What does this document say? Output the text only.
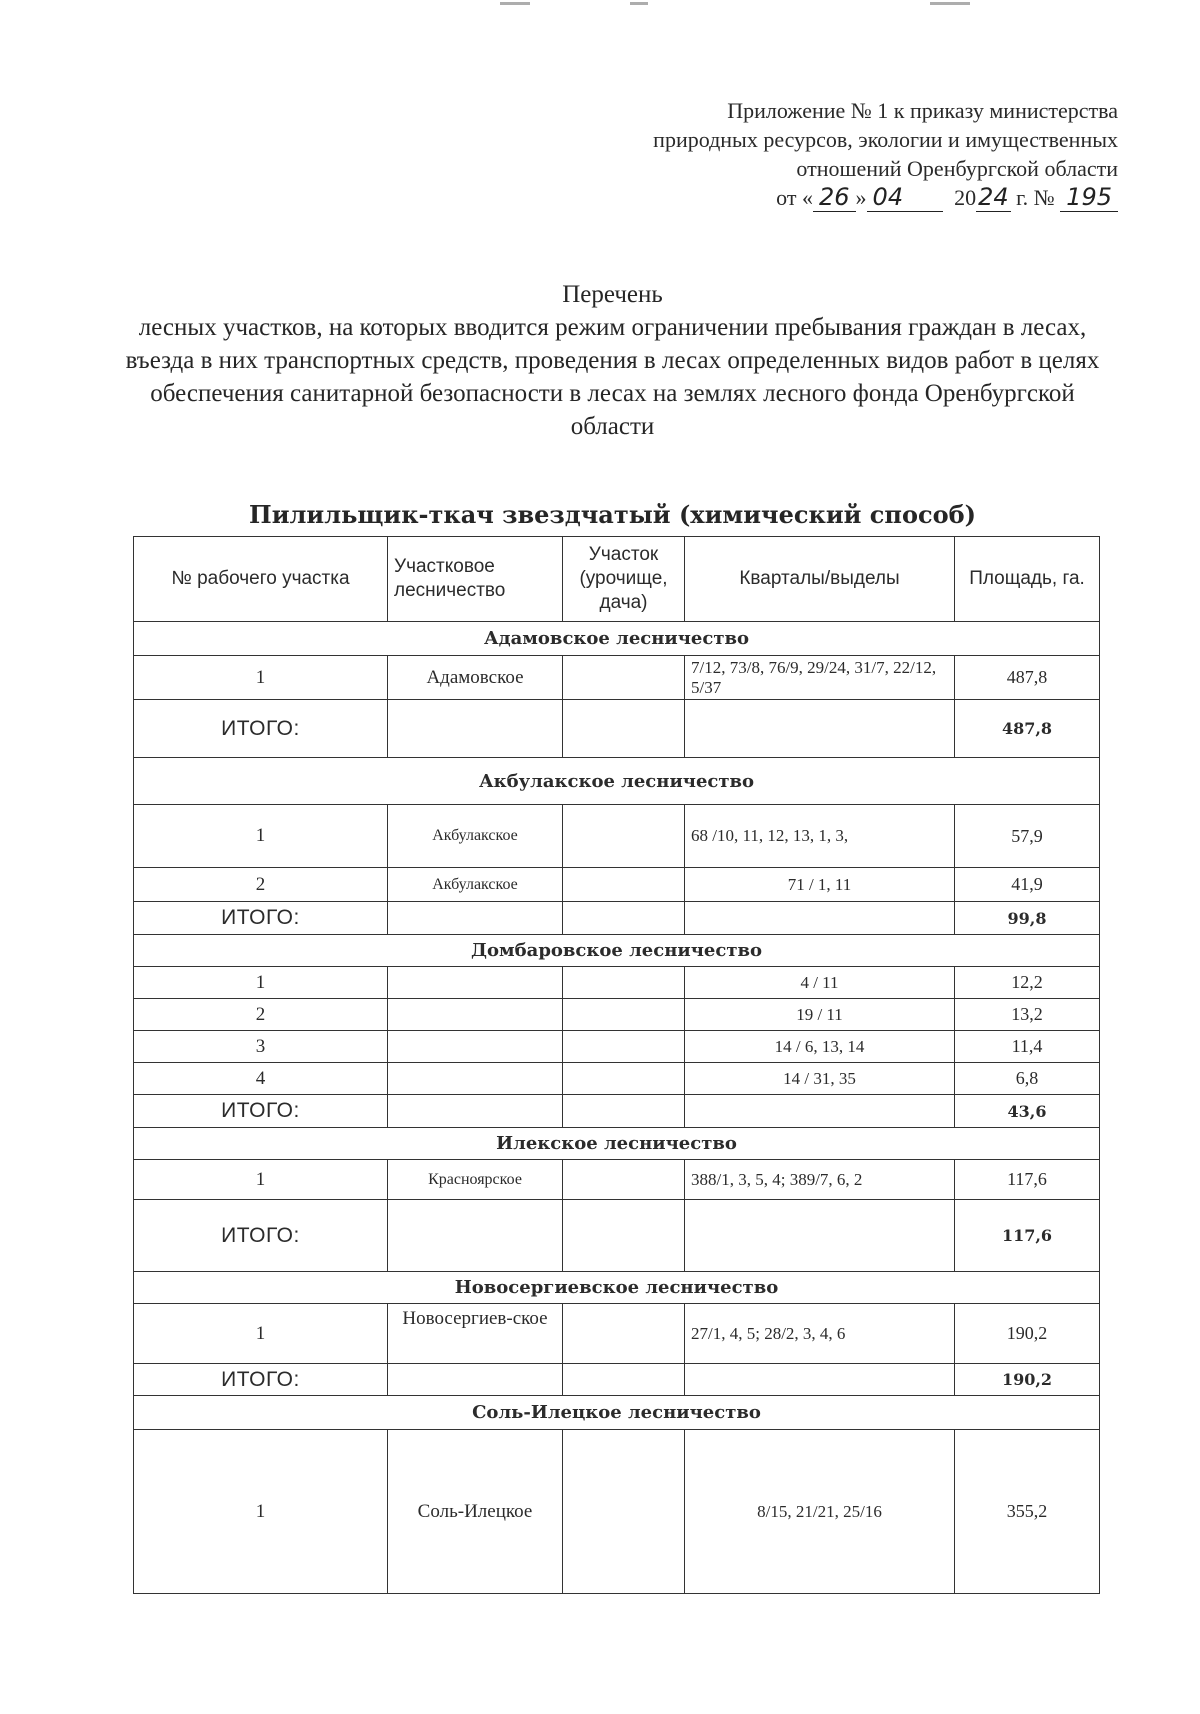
Приложение № 1 к приказу министерства
природных ресурсов, экологии и имущественных
отношений Оренбургской области
от « 26 » 04 2024 г. № 195
Перечень
лесных участков, на которых вводится режим ограничении пребывания граждан в лесах, въезда в них транспортных средств, проведения в лесах определенных видов работ в целях обеспечения санитарной безопасности в лесах на землях лесного фонда Оренбургской области
Пилильщик-ткач звездчатый (химический способ)
№ рабочего участка	Участковое лесничество	Участок (урочище, дача)	Кварталы/выделы	Площадь, га.
Адамовское лесничество				
1	Адамовское		7/12, 73/8, 76/9, 29/24, 31/7, 22/12, 5/37	487,8
ИТОГО:				487,8
Акбулакское лесничество				
1	Акбулакское		68 /10, 11, 12, 13, 1, 3,	57,9
2	Акбулакское		71 / 1, 11	41,9
ИТОГО:				99,8
Домбаровское лесничество				
1			4 / 11	12,2
2			19 / 11	13,2
3			14 / 6, 13, 14	11,4
4			14 / 31, 35	6,8
ИТОГО:				43,6
Илекское лесничество				
1	Красноярское		388/1, 3, 5, 4; 389/7, 6, 2	117,6
ИТОГО:				117,6
Новосергиевское лесничество				
1	Новосергиев-ское		27/1, 4, 5; 28/2, 3, 4, 6	190,2
ИТОГО:				190,2
Соль-Илецкое лесничество				
1	Соль-Илецкое		8/15, 21/21, 25/16	355,2
